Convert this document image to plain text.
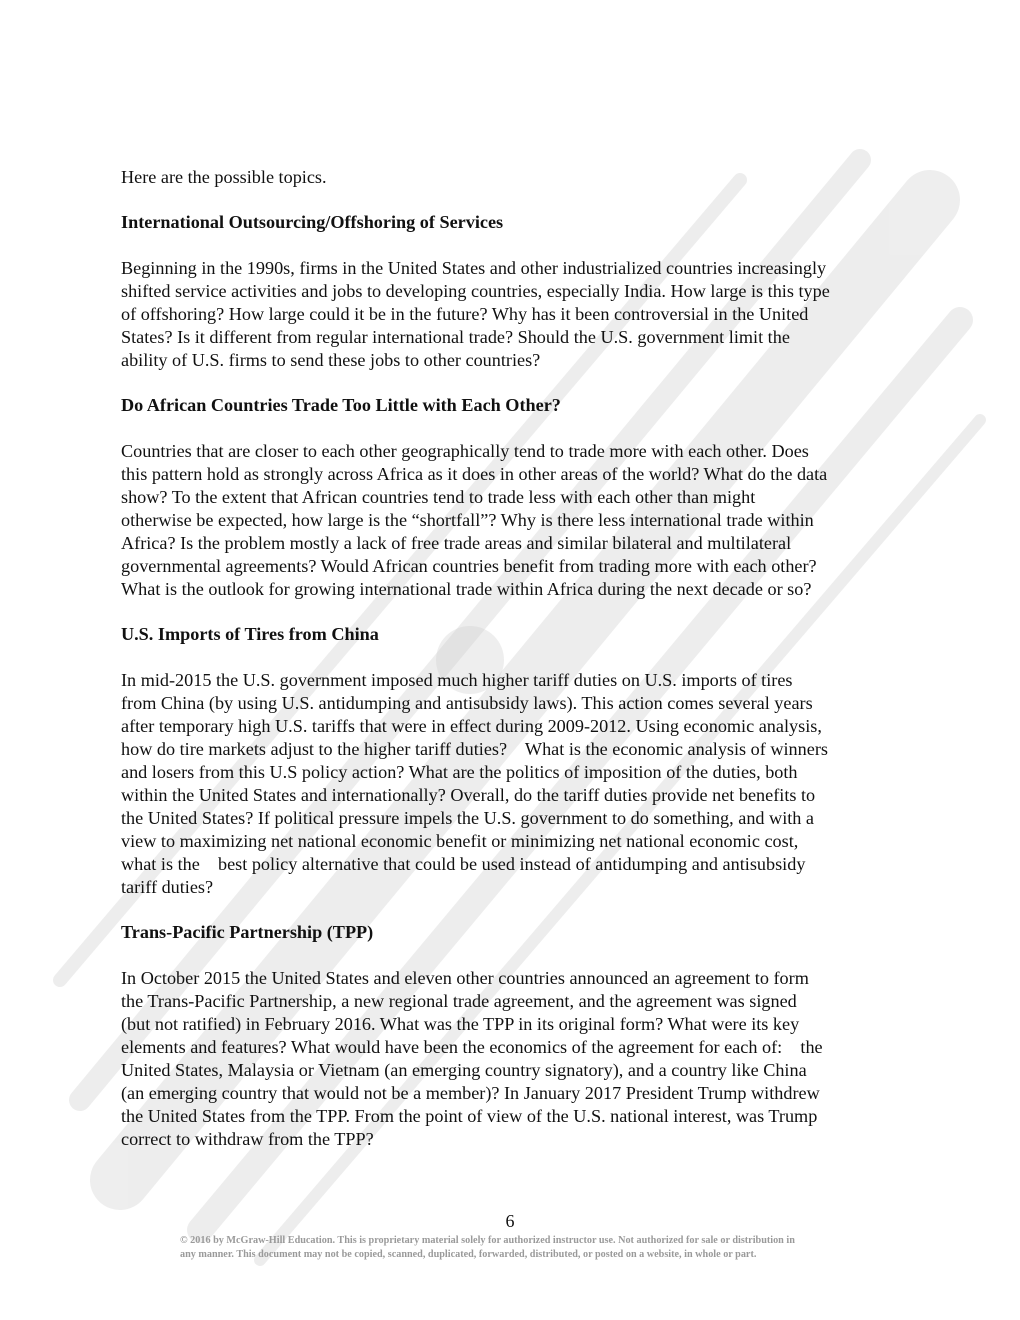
Here are the possible topics.

International Outsourcing/Offshoring of Services

Beginning in the 1990s, firms in the United States and other industrialized countries increasingly
shifted service activities and jobs to developing countries, especially India. How large is this type
of offshoring? How large could it be in the future? Why has it been controversial in the United
States? Is it different from regular international trade? Should the U.S. government limit the
ability of U.S. firms to send these jobs to other countries?

Do African Countries Trade Too Little with Each Other?

Countries that are closer to each other geographically tend to trade more with each other. Does
this pattern hold as strongly across Africa as it does in other areas of the world? What do the data
show? To the extent that African countries tend to trade less with each other than might
otherwise be expected, how large is the “shortfall”? Why is there less international trade within
Africa? Is the problem mostly a lack of free trade areas and similar bilateral and multilateral
governmental agreements? Would African countries benefit from trading more with each other?
What is the outlook for growing international trade within Africa during the next decade or so?

U.S. Imports of Tires from China

In mid-2015 the U.S. government imposed much higher tariff duties on U.S. imports of tires
from China (by using U.S. antidumping and antisubsidy laws). This action comes several years
after temporary high U.S. tariffs that were in effect during 2009-2012. Using economic analysis,
how do tire markets adjust to the higher tariff duties?    What is the economic analysis of winners
and losers from this U.S policy action? What are the politics of imposition of the duties, both
within the United States and internationally? Overall, do the tariff duties provide net benefits to
the United States? If political pressure impels the U.S. government to do something, and with a
view to maximizing net national economic benefit or minimizing net national economic cost,
what is the    best policy alternative that could be used instead of antidumping and antisubsidy
tariff duties?

Trans-Pacific Partnership (TPP)

In October 2015 the United States and eleven other countries announced an agreement to form
the Trans-Pacific Partnership, a new regional trade agreement, and the agreement was signed
(but not ratified) in February 2016. What was the TPP in its original form? What were its key
elements and features? What would have been the economics of the agreement for each of:    the
United States, Malaysia or Vietnam (an emerging country signatory), and a country like China
(an emerging country that would not be a member)? In January 2017 President Trump withdrew
the United States from the TPP. From the point of view of the U.S. national interest, was Trump
correct to withdraw from the TPP?

6
© 2016 by McGraw-Hill Education. This is proprietary material solely for authorized instructor use. Not authorized for sale or distribution in
any manner. This document may not be copied, scanned, duplicated, forwarded, distributed, or posted on a website, in whole or part.
